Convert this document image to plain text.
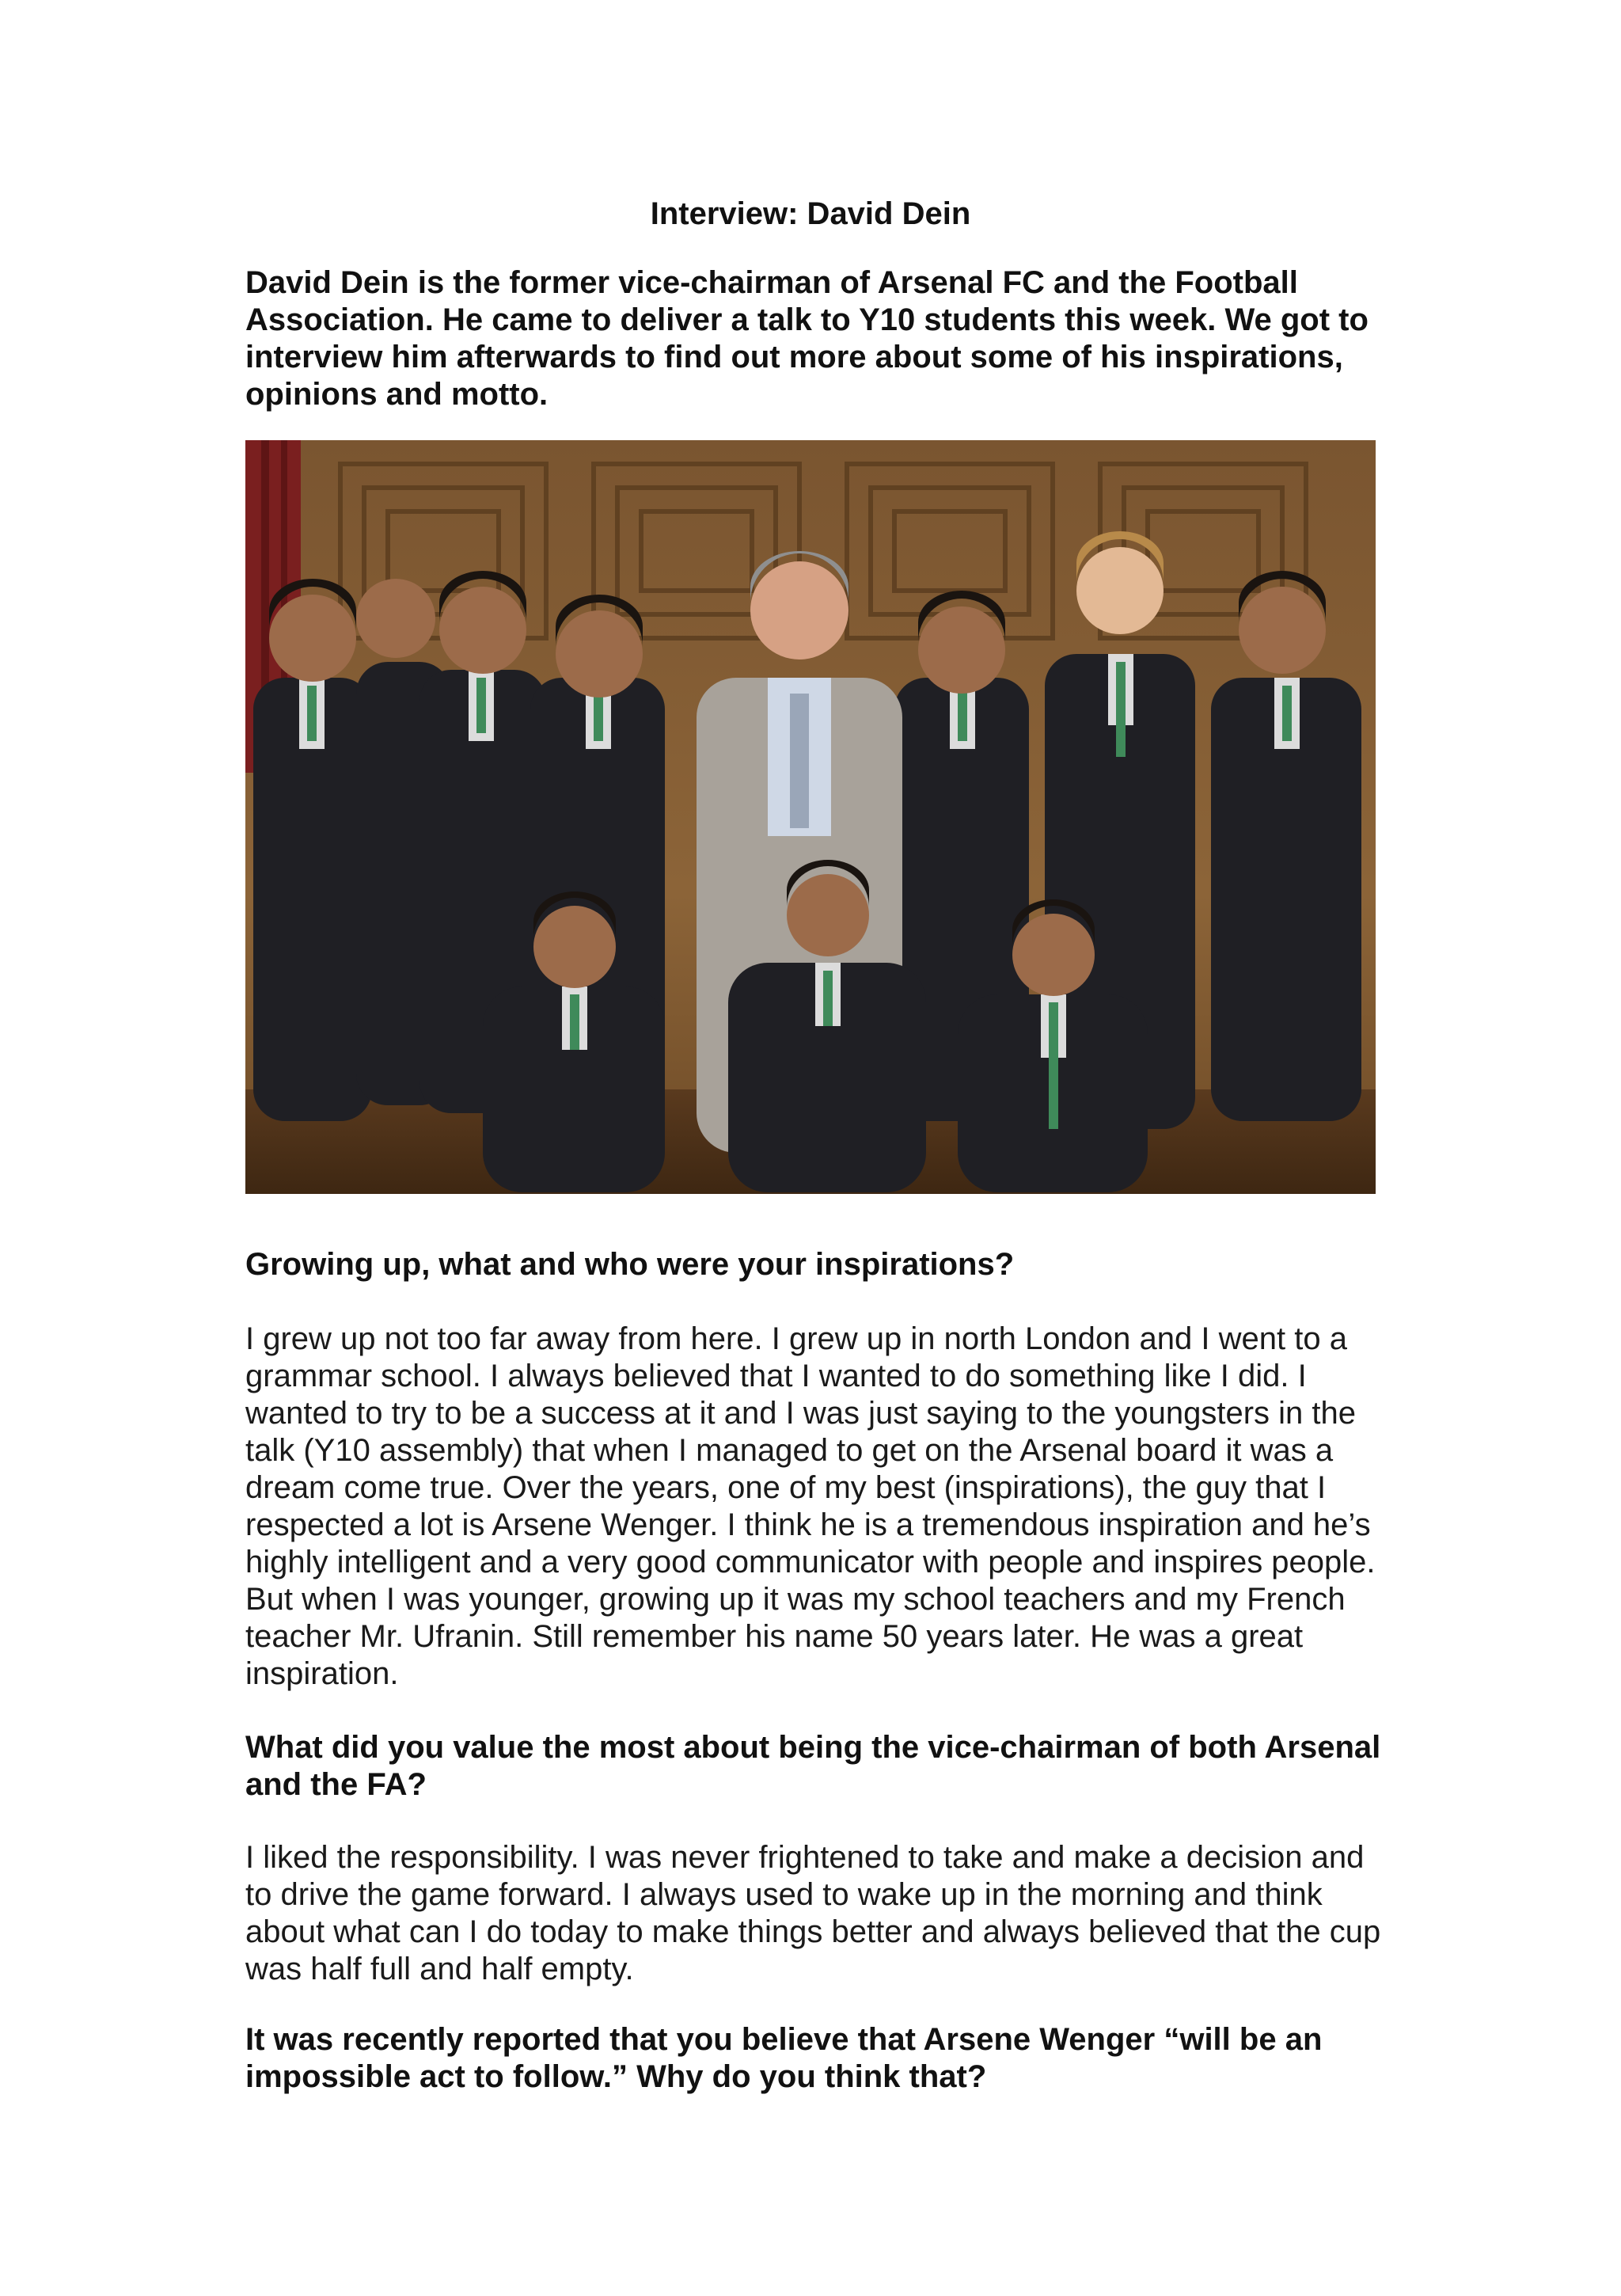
Interview: David Dein

David Dein is the former vice-chairman of Arsenal FC and the Football Association. He came to deliver a talk to Y10 students this week. We got to interview him afterwards to find out more about some of his inspirations, opinions and motto.

Growing up, what and who were your inspirations?

I grew up not too far away from here. I grew up in north London and I went to a grammar school. I always believed that I wanted to do something like I did. I wanted to try to be a success at it and I was just saying to the youngsters in the talk (Y10 assembly) that when I managed to get on the Arsenal board it was a dream come true. Over the years, one of my best (inspirations), the guy that I respected a lot is Arsene Wenger. I think he is a tremendous inspiration and he’s highly intelligent and a very good communicator with people and inspires people. But when I was younger, growing up it was my school teachers and my French teacher Mr. Ufranin. Still remember his name 50 years later. He was a great inspiration.

What did you value the most about being the vice-chairman of both Arsenal and the FA?

I liked the responsibility. I was never frightened to take and make a decision and to drive the game forward. I always used to wake up in the morning and think about what can I do today to make things better and always believed that the cup was half full and half empty.

It was recently reported that you believe that Arsene Wenger “will be an impossible act to follow.” Why do you think that?
